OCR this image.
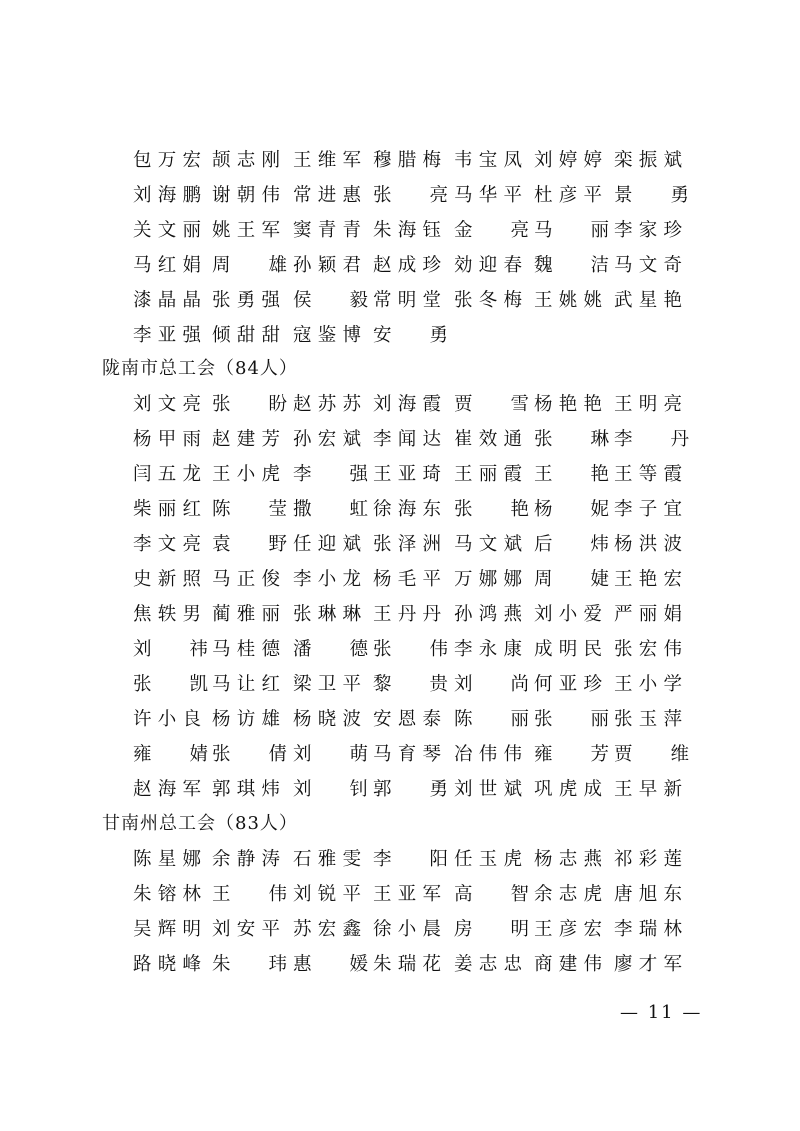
包 万 宏 颉 志 刚 王 维 军 穆 腊 梅 韦 宝 凤 刘 婷 婷 栾 振 斌
刘 海 鹏 谢 朝 伟 常 进 惠 张 亮 马 华 平 杜 彦 平 景 勇
关 文 丽 姚 王 军 窦 青 青 朱 海 钰 金 亮 马 丽 李 家 珍
马 红 娟 周 雄 孙 颖 君 赵 成 珍 効 迎 春 魏 洁 马 文 奇
漆 晶 晶 张 勇 强 侯 毅 常 明 堂 张 冬 梅 王 姚 姚 武 星 艳
李 亚 强 倾 甜 甜 寇 鉴 博 安 勇
陇南市总工会（84人）
刘 文 亮 张 盼 赵 苏 苏 刘 海 霞 贾 雪 杨 艳 艳 王 明 亮
杨 甲 雨 赵 建 芳 孙 宏 斌 李 闻 达 崔 效 通 张 琳 李 丹
闫 五 龙 王 小 虎 李 强 王 亚 琦 王 丽 霞 王 艳 王 等 霞
柴 丽 红 陈 莹 撒 虹 徐 海 东 张 艳 杨 妮 李 子 宜
李 文 亮 袁 野 任 迎 斌 张 泽 洲 马 文 斌 后 炜 杨 洪 波
史 新 照 马 正 俊 李 小 龙 杨 毛 平 万 娜 娜 周 婕 王 艳 宏
焦 轶 男 蔺 雅 丽 张 琳 琳 王 丹 丹 孙 鸿 燕 刘 小 爱 严 丽 娟
刘 祎 马 桂 德 潘 德 张 伟 李 永 康 成 明 民 张 宏 伟
张 凯 马 让 红 梁 卫 平 黎 贵 刘 尚 何 亚 珍 王 小 学
许 小 良 杨 访 雄 杨 晓 波 安 恩 泰 陈 丽 张 丽 张 玉 萍
雍 婧 张 倩 刘 萌 马 育 琴 冶 伟 伟 雍 芳 贾 维
赵 海 军 郭 琪 炜 刘 钊 郭 勇 刘 世 斌 巩 虎 成 王 早 新
甘南州总工会（83人）
陈 星 娜 余 静 涛 石 雅 雯 李 阳 任 玉 虎 杨 志 燕 祁 彩 莲
朱 镕 林 王 伟 刘 锐 平 王 亚 军 高 智 余 志 虎 唐 旭 东
吴 辉 明 刘 安 平 苏 宏 鑫 徐 小 晨 房 明 王 彦 宏 李 瑞 林
路 晓 峰 朱 玮 惠 媛 朱 瑞 花 姜 志 忠 商 建 伟 廖 才 军
— 11 —
